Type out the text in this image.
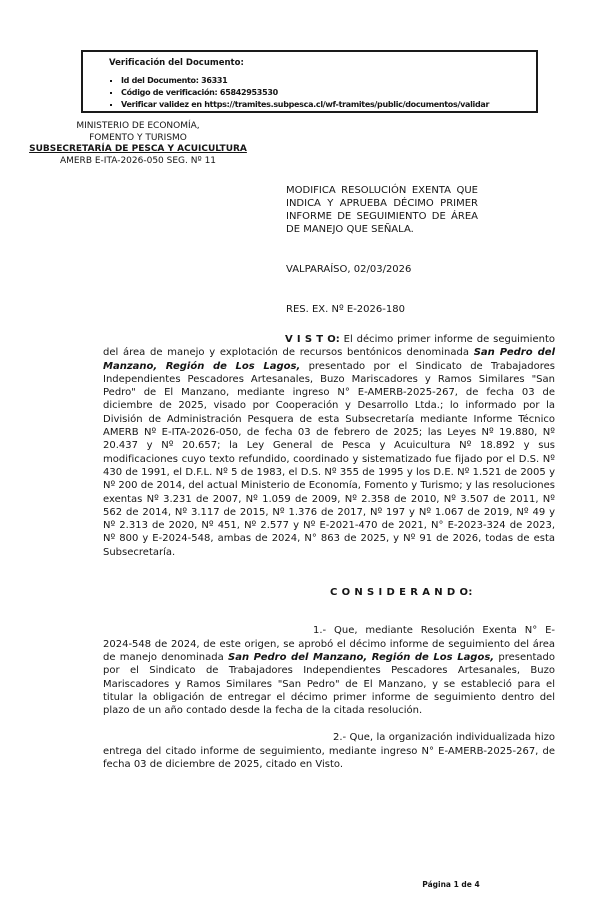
Verificación del Documento:

▪ Id del Documento: 36331
▪ Código de verificación: 65842953530
▪ Verificar validez en https://tramites.subpesca.cl/wf-tramites/public/documentos/validar

MINISTERIO DE ECONOMÍA,

FOMENTO Y TURISMO

SUBSECRETARÍA DE PESCA Y ACUICULTURA

AMERB E-ITA-2026-050 SEG. Nº 11

MODIFICA RESOLUCIÓN EXENTA QUE INDICA Y APRUEBA DÉCIMO PRIMER INFORME DE SEGUIMIENTO DE ÁREA DE MANEJO QUE SEÑALA.

VALPARAÍSO, 02/03/2026

RES. EX. Nº E-2026-180

V I S T O: El décimo primer informe de seguimiento del área de manejo y explotación de recursos bentónicos denominada San Pedro del Manzano, Región de Los Lagos, presentado por el Sindicato de Trabajadores Independientes Pescadores Artesanales, Buzo Mariscadores y Ramos Similares "San Pedro" de El Manzano, mediante ingreso N° E-AMERB-2025-267, de fecha 03 de diciembre de 2025, visado por Cooperación y Desarrollo Ltda.; lo informado por la División de Administración Pesquera de esta Subsecretaría mediante Informe Técnico AMERB Nº E-ITA-2026-050, de fecha 03 de febrero de 2025; las Leyes Nº 19.880, Nº 20.437 y Nº 20.657; la Ley General de Pesca y Acuicultura Nº 18.892 y sus modificaciones cuyo texto refundido, coordinado y sistematizado fue fijado por el D.S. Nº 430 de 1991, el D.F.L. Nº 5 de 1983, el D.S. Nº 355 de 1995 y los D.E. Nº 1.521 de 2005 y Nº 200 de 2014, del actual Ministerio de Economía, Fomento y Turismo; y las resoluciones exentas Nº 3.231 de 2007, Nº 1.059 de 2009, Nº 2.358 de 2010, Nº 3.507 de 2011, Nº 562 de 2014, Nº 3.117 de 2015, Nº 1.376 de 2017, Nº 197 y Nº 1.067 de 2019, Nº 49 y Nº 2.313 de 2020, Nº 451, Nº 2.577 y Nº E-2021-470 de 2021, N° E-2023-324 de 2023, Nº 800 y E-2024-548, ambas de 2024, N° 863 de 2025, y Nº 91 de 2026, todas de esta Subsecretaría.

C O N S I D E R A N D O:

1.- Que, mediante Resolución Exenta N° E-2024-548 de 2024, de este origen, se aprobó el décimo informe de seguimiento del área de manejo denominada San Pedro del Manzano, Región de Los Lagos, presentado por el Sindicato de Trabajadores Independientes Pescadores Artesanales, Buzo Mariscadores y Ramos Similares "San Pedro" de El Manzano, y se estableció para el titular la obligación de entregar el décimo primer informe de seguimiento dentro del plazo de un año contado desde la fecha de la citada resolución.

2.- Que, la organización individualizada hizo entrega del citado informe de seguimiento, mediante ingreso N° E-AMERB-2025-267, de fecha 03 de diciembre de 2025, citado en Visto.

Página 1 de 4
